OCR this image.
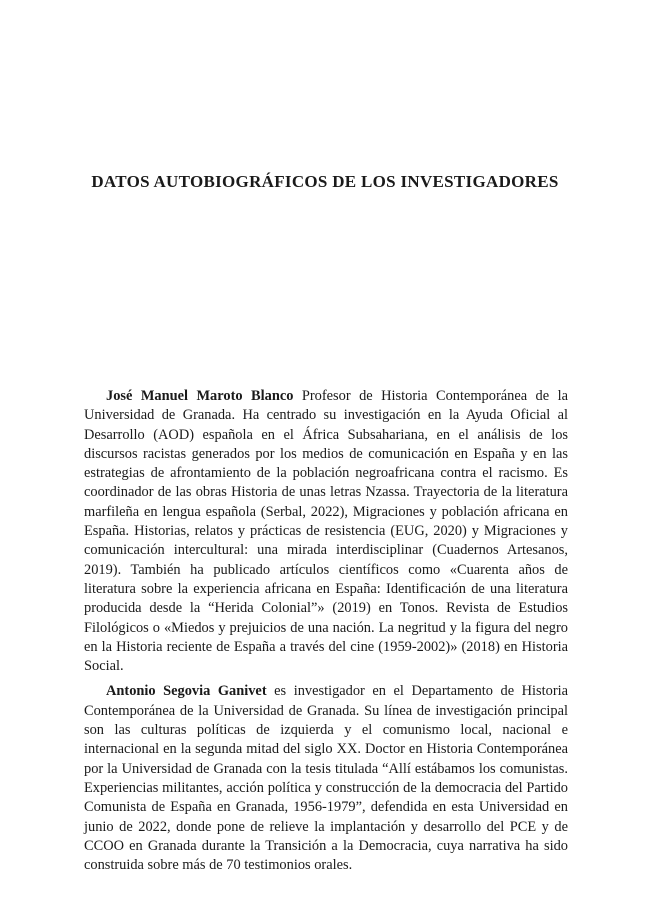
DATOS AUTOBIOGRÁFICOS DE LOS INVESTIGADORES

José Manuel Maroto Blanco Profesor de Historia Contemporánea de la Universidad de Granada. Ha centrado su investigación en la Ayuda Oficial al Desarrollo (AOD) española en el África Subsahariana, en el análisis de los discursos racistas generados por los medios de comunicación en España y en las estrategias de afrontamiento de la población negroafricana contra el racismo. Es coordinador de las obras Historia de unas letras Nzassa. Trayectoria de la literatura marfileña en lengua española (Serbal, 2022), Migraciones y población africana en España. Historias, relatos y prácticas de resistencia (EUG, 2020) y Migraciones y comunicación intercultural: una mirada interdisciplinar (Cuadernos Artesanos, 2019). También ha publicado artículos científicos como «Cuarenta años de literatura sobre la experiencia africana en España: Identificación de una literatura producida desde la “Herida Colonial”» (2019) en Tonos. Revista de Estudios Filológicos o «Miedos y prejuicios de una nación. La negritud y la figura del negro en la Historia reciente de España a través del cine (1959-2002)» (2018) en Historia Social.

Antonio Segovia Ganivet es investigador en el Departamento de Historia Contemporánea de la Universidad de Granada. Su línea de investigación principal son las culturas políticas de izquierda y el comunismo local, nacional e internacional en la segunda mitad del siglo XX. Doctor en Historia Contemporánea por la Universidad de Granada con la tesis titulada “Allí estábamos los comunistas. Experiencias militantes, acción política y construcción de la democracia del Partido Comunista de España en Granada, 1956-1979”, defendida en esta Universidad en junio de 2022, donde pone de relieve la implantación y desarrollo del PCE y de CCOO en Granada durante la Transición a la Democracia, cuya narrativa ha sido construida sobre más de 70 testimonios orales.
